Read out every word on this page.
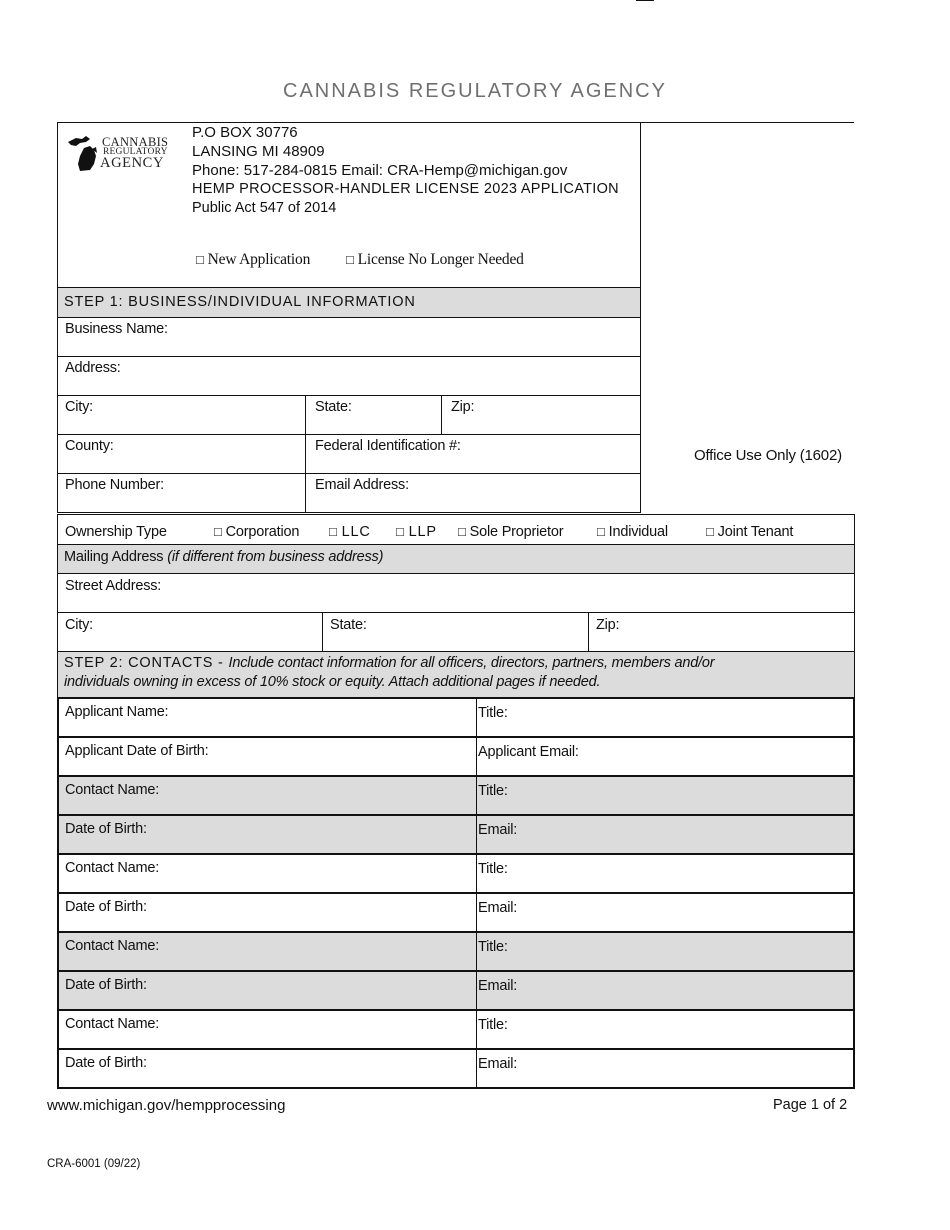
CANNABIS REGULATORY AGENCY
CANNABIS
REGULATORY
AGENCY
P.O BOX 30776
LANSING MI 48909
Phone: 517-284-0815 Email: CRA-Hemp@michigan.gov
HEMP PROCESSOR-HANDLER LICENSE 2023 APPLICATION
Public Act 547 of 2014
□ New Application	□ License No Longer Needed
Office Use Only (1602)
STEP 1: BUSINESS/INDIVIDUAL INFORMATION
Business Name:
Address:
City:	State:	Zip:
County:	Federal Identification #:
Phone Number:	Email Address:
Ownership Type	□ Corporation □ LLC □ LLP □ Sole Proprietor	□ Individual	□ Joint Tenant
Mailing Address (if different from business address)
Street Address:
City:	State:	Zip:
STEP 2: CONTACTS - Include contact information for all officers, directors, partners, members and/or
individuals owning in excess of 10% stock or equity. Attach additional pages if needed.
Applicant Name:	Title:
Applicant Date of Birth:	Applicant Email:
Contact Name:	Title:
Date of Birth:	Email:
Contact Name:	Title:
Date of Birth:	Email:
Contact Name:	Title:
Date of Birth:	Email:
Contact Name:	Title:
Date of Birth:	Email:
www.michigan.gov/hempprocessing	Page 1 of 2
CRA-6001 (09/22)
